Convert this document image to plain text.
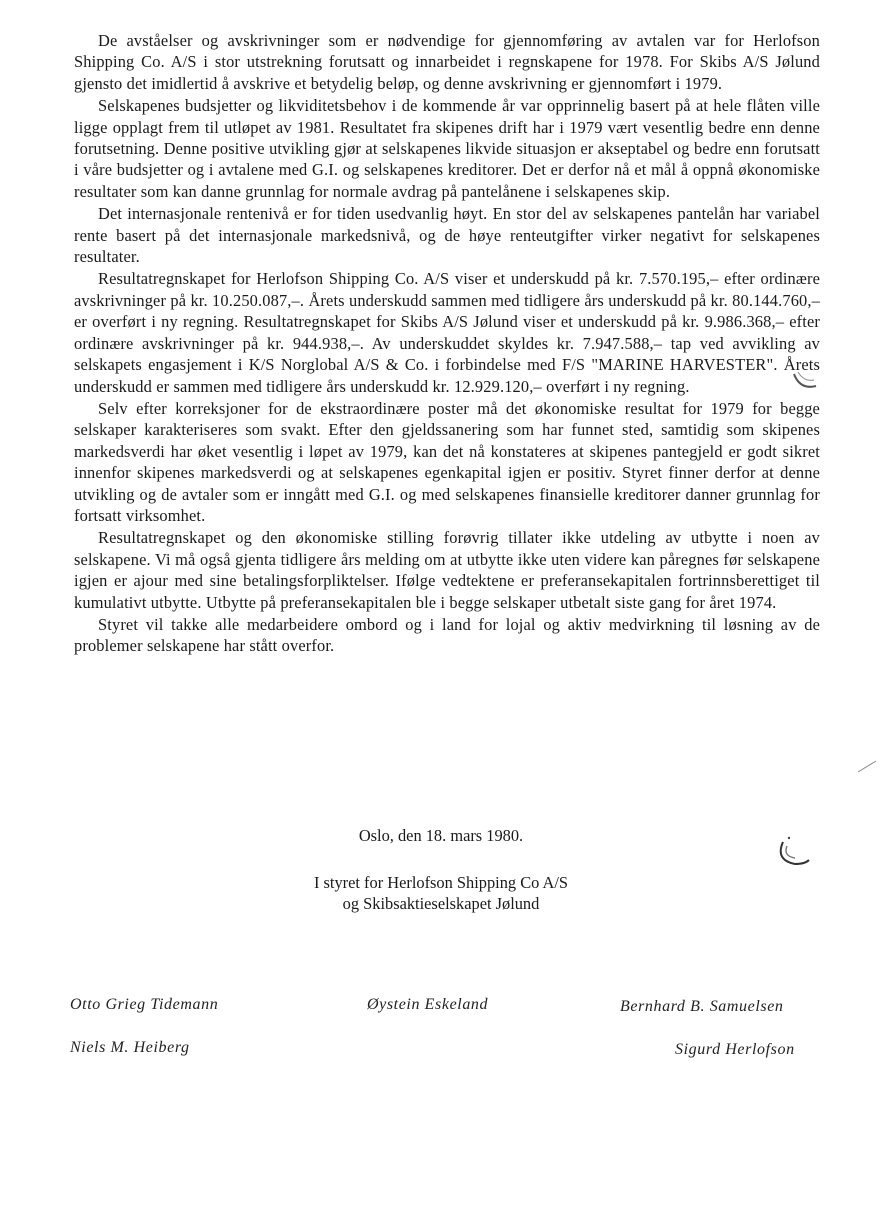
De avståelser og avskrivninger som er nødvendige for gjennomføring av avtalen var for Herlofson Shipping Co. A/S i stor utstrekning forutsatt og innarbeidet i regnskapene for 1978. For Skibs A/S Jølund gjensto det imidlertid å avskrive et betydelig beløp, og denne avskrivning er gjennomført i 1979.

Selskapenes budsjetter og likviditetsbehov i de kommende år var opprinnelig basert på at hele flåten ville ligge opplagt frem til utløpet av 1981. Resultatet fra skipenes drift har i 1979 vært vesentlig bedre enn denne forutsetning. Denne positive utvikling gjør at selskapenes likvide situasjon er akseptabel og bedre enn forutsatt i våre budsjetter og i avtalene med G.I. og selskapenes kreditorer. Det er derfor nå et mål å oppnå økonomiske resultater som kan danne grunnlag for normale avdrag på pantelånene i selskapenes skip.

Det internasjonale rentenivå er for tiden usedvanlig høyt. En stor del av selskapenes pantelån har variabel rente basert på det internasjonale markedsnivå, og de høye renteutgifter virker negativt for selskapenes resultater.

Resultatregnskapet for Herlofson Shipping Co. A/S viser et underskudd på kr. 7.570.195,– efter ordinære avskrivninger på kr. 10.250.087,–. Årets underskudd sammen med tidligere års underskudd på kr. 80.144.760,– er overført i ny regning. Resultatregnskapet for Skibs A/S Jølund viser et underskudd på kr. 9.986.368,– efter ordinære avskrivninger på kr. 944.938,–. Av underskuddet skyldes kr. 7.947.588,– tap ved avvikling av selskapets engasjement i K/S Norglobal A/S & Co. i forbindelse med F/S "MARINE HARVESTER". Årets underskudd er sammen med tidligere års underskudd kr. 12.929.120,– overført i ny regning.

Selv efter korreksjoner for de ekstraordinære poster må det økonomiske resultat for 1979 for begge selskaper karakteriseres som svakt. Efter den gjeldssanering som har funnet sted, samtidig som skipenes markedsverdi har øket vesentlig i løpet av 1979, kan det nå konstateres at skipenes pantegjeld er godt sikret innenfor skipenes markedsverdi og at selskapenes egenkapital igjen er positiv. Styret finner derfor at denne utvikling og de avtaler som er inngått med G.I. og med selskapenes finansielle kreditorer danner grunnlag for fortsatt virksomhet.

Resultatregnskapet og den økonomiske stilling forøvrig tillater ikke utdeling av utbytte i noen av selskapene. Vi må også gjenta tidligere års melding om at utbytte ikke uten videre kan påregnes før selskapene igjen er ajour med sine betalingsforpliktelser. Ifølge vedtektene er preferansekapitalen fortrinnsberettiget til kumulativt utbytte. Utbytte på preferansekapitalen ble i begge selskaper utbetalt siste gang for året 1974.

Styret vil takke alle medarbeidere ombord og i land for lojal og aktiv medvirkning til løsning av de problemer selskapene har stått overfor.

Oslo, den 18. mars 1980.
I styret for Herlofson Shipping Co A/S
og Skibsaktieselskapet Jølund
Otto Grieg Tidemann	Øystein Eskeland	Bernhard B. Samuelsen
Niels M. Heiberg	Sigurd Herlofson
